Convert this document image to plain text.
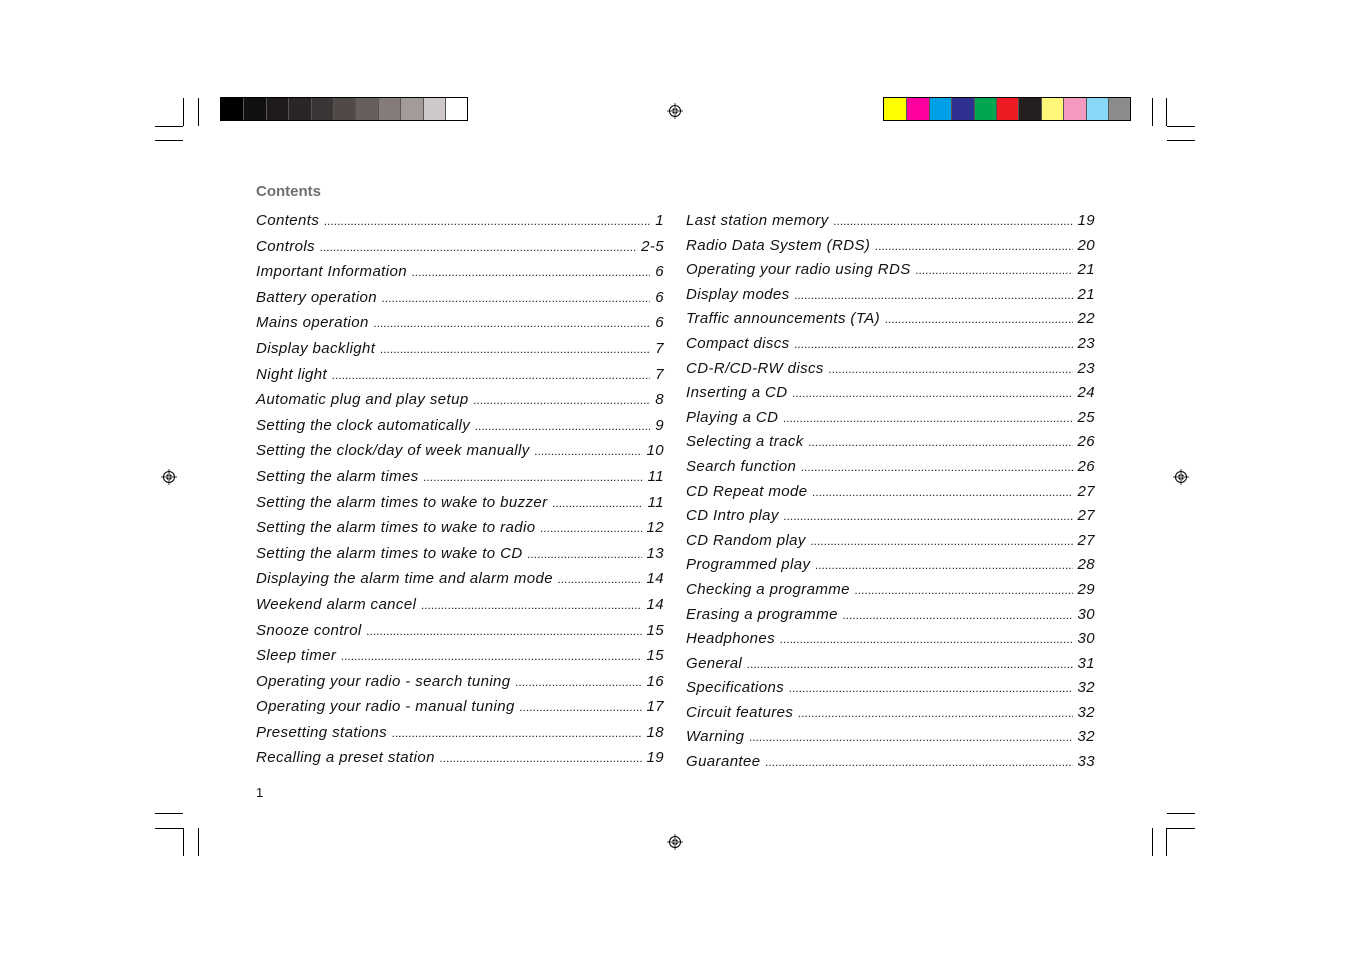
Contents
Contents .....	1
Controls .....	2-5
Important Information .....	6
Battery operation .....	6
Mains operation .....	6
Display backlight .....	7
Night light .....	7
Automatic plug and play setup .....	8
Setting the clock automatically .....	9
Setting the clock/day of week manually .....	10
Setting the alarm times .....	11
Setting the alarm times to wake to buzzer .....	11
Setting the alarm times to wake to radio .....	12
Setting the alarm times to wake to CD .....	13
Displaying the alarm time and alarm mode .....	14
Weekend alarm cancel .....	14
Snooze control .....	15
Sleep timer .....	15
Operating your radio - search tuning .....	16
Operating your radio - manual tuning .....	17
Presetting stations .....	18
Recalling a preset station .....	19
Last station memory .....	19
Radio Data System (RDS) .....	20
Operating your radio using RDS .....	21
Display modes .....	21
Traffic announcements (TA) .....	22
Compact discs .....	23
CD-R/CD-RW discs .....	23
Inserting a CD .....	24
Playing a CD .....	25
Selecting a track .....	26
Search function .....	26
CD Repeat mode .....	27
CD Intro play .....	27
CD Random play .....	27
Programmed play .....	28
Checking a programme .....	29
Erasing a programme .....	30
Headphones .....	30
General .....	31
Specifications .....	32
Circuit features .....	32
Warning .....	32
Guarantee .....	33
1
